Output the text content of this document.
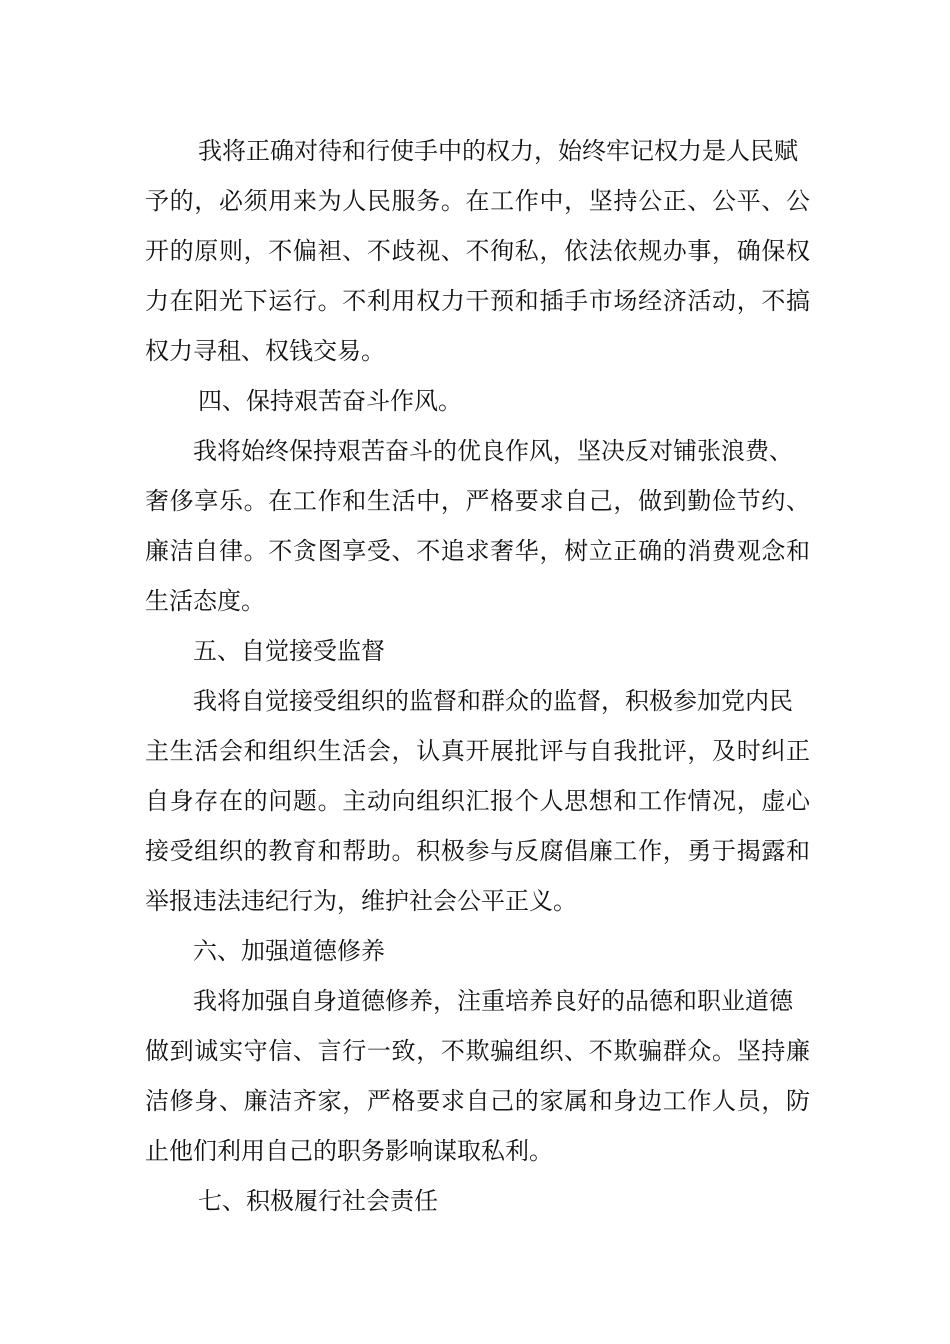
我将正确对待和行使手中的权力，始终牢记权力是人民赋
予的，必须用来为人民服务。在工作中，坚持公正、公平、公
开的原则，不偏袒、不歧视、不徇私，依法依规办事，确保权
力在阳光下运行。不利用权力干预和插手市场经济活动，不搞
权力寻租、权钱交易。
四、保持艰苦奋斗作风。
我将始终保持艰苦奋斗的优良作风，坚决反对铺张浪费、
奢侈享乐。在工作和生活中，严格要求自己，做到勤俭节约、
廉洁自律。不贪图享受、不追求奢华，树立正确的消费观念和
生活态度。
五、自觉接受监督
我将自觉接受组织的监督和群众的监督，积极参加党内民
主生活会和组织生活会，认真开展批评与自我批评，及时纠正
自身存在的问题。主动向组织汇报个人思想和工作情况，虚心
接受组织的教育和帮助。积极参与反腐倡廉工作，勇于揭露和
举报违法违纪行为，维护社会公平正义。
六、加强道德修养
我将加强自身道德修养，注重培养良好的品德和职业道德
做到诚实守信、言行一致，不欺骗组织、不欺骗群众。坚持廉
洁修身、廉洁齐家，严格要求自己的家属和身边工作人员，防
止他们利用自己的职务影响谋取私利。
七、积极履行社会责任
